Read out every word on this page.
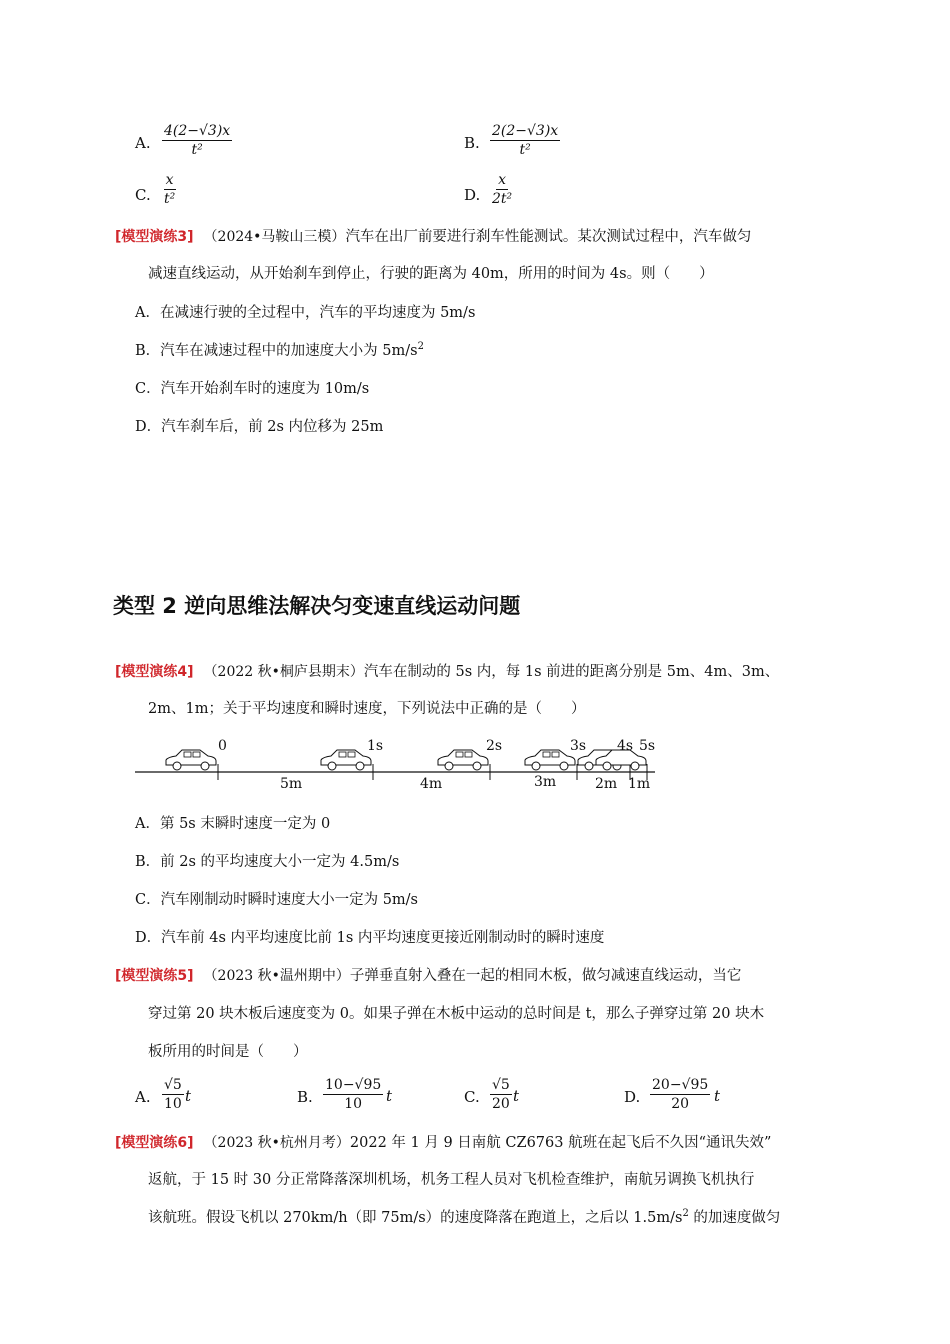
A. $\frac{4(2-√3)x}{\text{t²}}$	B. $\frac{2(2-√3)x}{\text{t²}}$
C. $\frac{x}{\text{t²}}$	D. $\frac{x}{\text{2t²}}$
[模型演练3] （2024•马鞍山三模）汽车在出厂前要进行刹车性能测试。某次测试过程中，汽车做匀
减速直线运动，从开始刹车到停止，行驶的距离为 40m，所用的时间为 4s。则（　　）
A．在减速行驶的全过程中，汽车的平均速度为 5m/s
B．汽车在减速过程中的加速度大小为 $5m/s^2$
C．汽车开始刹车时的速度为 10m/s
D．汽车刹车后，前 2s 内位移为 25m
类型 2 逆向思维法解决匀变速直线运动问题
[模型演练4] （2022 秋•桐庐县期末）汽车在制动的 5s 内，每 1s 前进的距离分别是 5m、4m、3m、
2m、1m；关于平均速度和瞬时速度，下列说法中正确的是（　　）
0	1s	2s	3s 4s 5s
5m	4m	3m	2m 1m
A．第 5s 末瞬时速度一定为 0
B．前 2s 的平均速度大小一定为 4.5m/s
C．汽车刚制动时瞬时速度大小一定为 5m/s
D．汽车前 4s 内平均速度比前 1s 内平均速度更接近刚制动时的瞬时速度
[模型演练5] （2023 秋•温州期中）子弹垂直射入叠在一起的相同木板，做匀减速直线运动，当它
穿过第 20 块木板后速度变为 0。如果子弹在木板中运动的总时间是 t，那么子弹穿过第 20 块木
板所用的时间是（　　）
A. $\frac{√5}{10}$ t	B. $\frac{10-√95}{10}$ t	C. $\frac{√5}{20}$ t	D. $\frac{20-√95}{20}$ t
[模型演练6] （2023 秋•杭州月考）2022 年 1 月 9 日南航 CZ6763 航班在起飞后不久因“通讯失效”
返航，于 15 时 30 分正常降落深圳机场，机务工程人员对飞机检查维护，南航另调换飞机执行
该航班。假设飞机以 270km/h（即 75m/s）的速度降落在跑道上，之后以 $1.5m/s^2$ 的加速度做匀
